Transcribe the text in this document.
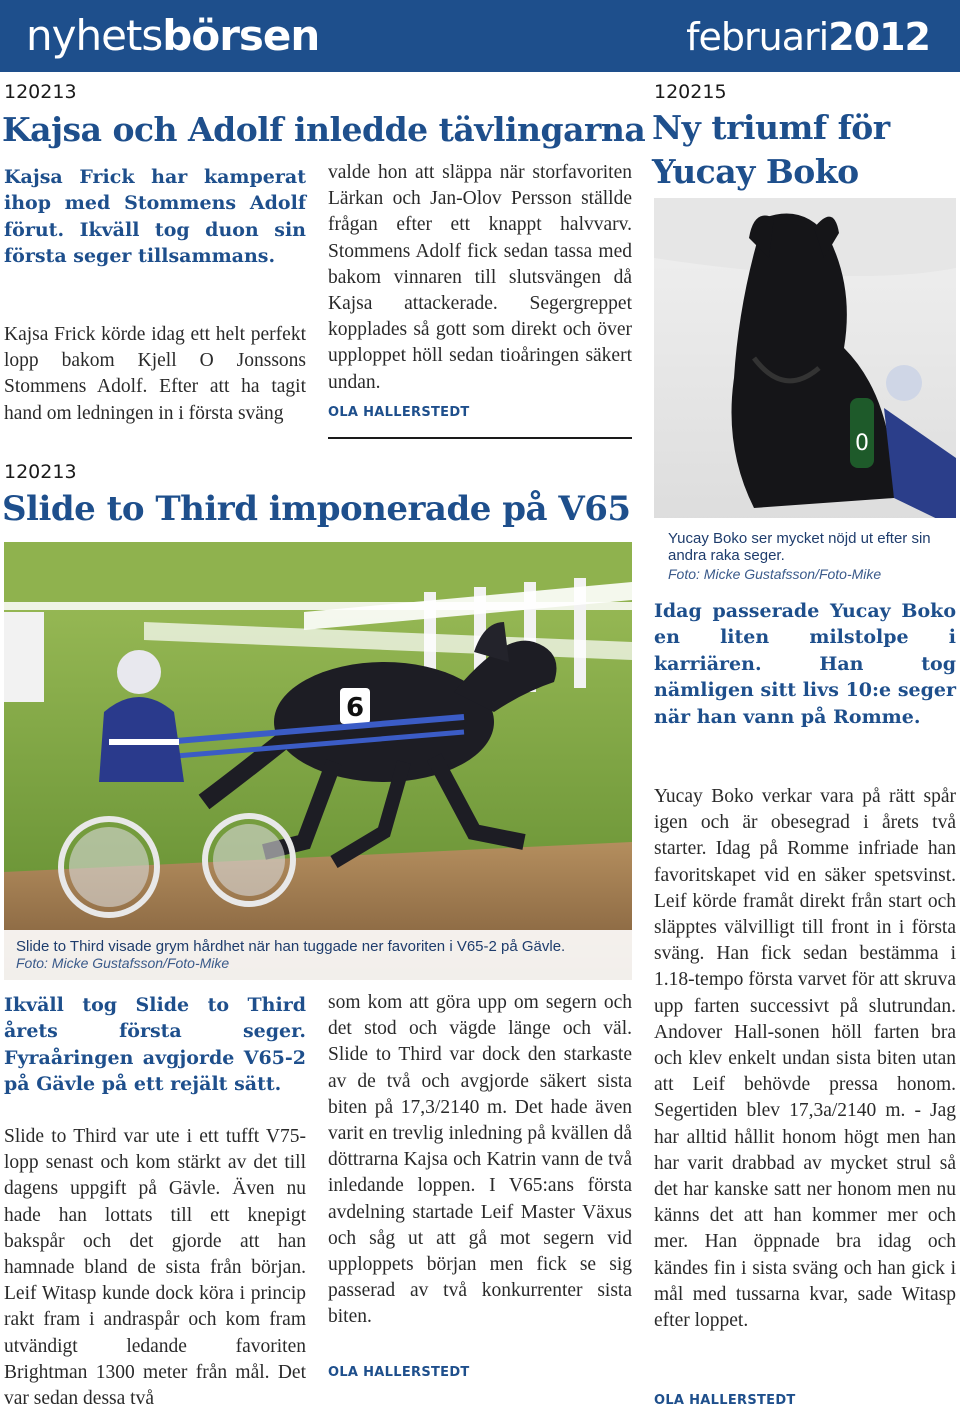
nyhetsbörsen	februari2012
120213
Kajsa och Adolf inledde tävlingarna
Kajsa Frick har kamperat ihop med Stommens Adolf förut. Ikväll tog duon sin första seger tillsammans.
Kajsa Frick körde idag ett helt perfekt lopp bakom Kjell O Jonssons Stommens Adolf. Efter att ha tagit hand om ledningen in i första sväng
valde hon att släppa när storfavoriten Lärkan och Jan-Olov Persson ställde frågan efter ett knappt halvvarv. Stommens Adolf fick sedan tassa med bakom vinnaren till slutsvängen då Kajsa attackerade. Segergreppet kopplades så gott som direkt och över upploppet höll sedan tioåringen säkert undan.
OLA HALLERSTEDT
120213
Slide to Third imponerade på V65
6
Slide to Third visade grym hårdhet när han tuggade ner favoriten i V65-2 på Gävle.
Foto: Micke Gustafsson/Foto-Mike
Ikväll tog Slide to Third årets första seger. Fyraåringen avgjorde V65-2 på Gävle på ett rejält sätt.
Slide to Third var ute i ett tufft V75-lopp senast och kom stärkt av det till dagens uppgift på Gävle. Även nu hade han lottats till ett knepigt bakspår och det gjorde att han hamnade bland de sista från början. Leif Witasp kunde dock köra i princip rakt fram i andraspår och kom fram utvändigt ledande favoriten Brightman 1300 meter från mål. Det var sedan dessa två
som kom att göra upp om segern och det stod och vägde länge och väl. Slide to Third var dock den starkaste av de två och avgjorde säkert sista biten på 17,3/2140 m. Det hade även varit en trevlig inledning på kvällen då döttrarna Kajsa och Katrin vann de två inledande loppen. I V65:ans första avdelning startade Leif Master Växus och såg ut att gå mot segern vid upploppets början men fick se sig passerad av två konkurrenter sista biten.
OLA HALLERSTEDT
120215
Ny triumf för Yucay Boko
0
Yucay Boko ser mycket nöjd ut efter sin andra raka seger.
Foto: Micke Gustafsson/Foto-Mike
Idag passerade Yucay Boko en liten milstolpe i karriären. Han tog nämligen sitt livs 10:e seger när han vann på Romme.
Yucay Boko verkar vara på rätt spår igen och är obesegrad i årets två starter. Idag på Romme infriade han favoritskapet vid en säker spetsvinst. Leif körde framåt direkt från start och släpptes välvilligt till front in i första sväng. Han fick sedan bestämma i 1.18-tempo första varvet för att skruva upp farten successivt på slutrundan. Andover Hall-sonen höll farten bra och klev enkelt undan sista biten utan att Leif behövde pressa honom. Segertiden blev 17,3a/2140 m. - Jag har alltid hållit honom högt men han har varit drabbad av mycket strul så det har kanske satt ner honom men nu känns det att han kommer mer och mer. Han öppnade bra idag och kändes fin i sista sväng och han gick i mål med tussarna kvar, sade Witasp efter loppet.
OLA HALLERSTEDT
